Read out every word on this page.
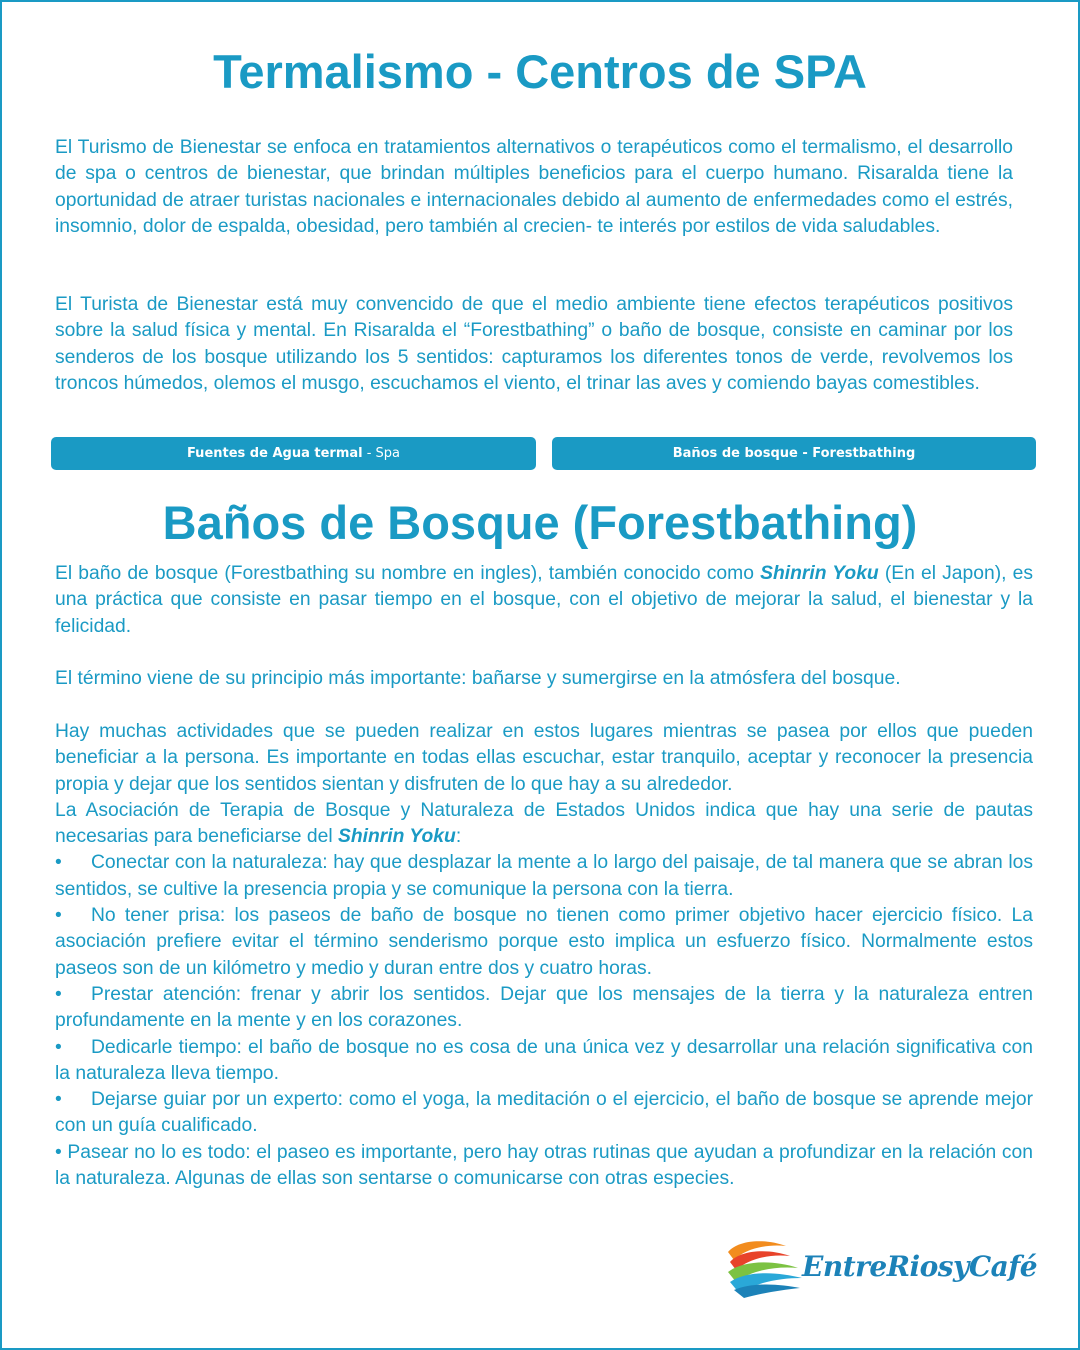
Termalismo - Centros de SPA

El Turismo de Bienestar se enfoca en tratamientos alternativos o terapéuticos como el termalismo, el desarrollo de spa o centros de bienestar, que brindan múltiples beneficios para el cuerpo humano. Risaralda tiene la oportunidad de atraer turistas nacionales e internacionales debido al aumento de enfermedades como el estrés, insomnio, dolor de espalda, obesidad, pero también al crecien- te interés por estilos de vida saludables.

El Turista de Bienestar está muy convencido de que el medio ambiente tiene efectos terapéuticos positivos sobre la salud física y mental. En Risaralda el “Forestbathing” o baño de bosque, consiste en caminar por los senderos de los bosque utilizando los 5 sentidos: capturamos los diferentes tonos de verde, revolvemos los troncos húmedos, olemos el musgo, escuchamos el viento, el trinar las aves y comiendo bayas comestibles.

Fuentes de Agua termal - Spa	Baños de bosque - Forestbathing
Baños de Bosque (Forestbathing)

El baño de bosque (Forestbathing su nombre en ingles), también conocido como Shinrin Yoku (En el Japon), es una práctica que consiste en pasar tiempo en el bosque, con el objetivo de mejorar la salud, el bienestar y la felicidad.

El término viene de su principio más importante: bañarse y sumergirse en la atmósfera del bosque.

Hay muchas actividades que se pueden realizar en estos lugares mientras se pasea por ellos que pueden beneficiar a la persona. Es importante en todas ellas escuchar, estar tranquilo, aceptar y reconocer la presencia propia y dejar que los sentidos sientan y disfruten de lo que hay a su alrededor.

La Asociación de Terapia de Bosque y Naturaleza de Estados Unidos indica que hay una serie de pautas necesarias para beneficiarse del Shinrin Yoku:

• Conectar con la naturaleza: hay que desplazar la mente a lo largo del paisaje, de tal manera que se abran los sentidos, se cultive la presencia propia y se comunique la persona con la tierra.

• No tener prisa: los paseos de baño de bosque no tienen como primer objetivo hacer ejercicio físico. La asociación prefiere evitar el término senderismo porque esto implica un esfuerzo físico. Normalmente estos paseos son de un kilómetro y medio y duran entre dos y cuatro horas.

• Prestar atención: frenar y abrir los sentidos. Dejar que los mensajes de la tierra y la naturaleza entren profundamente en la mente y en los corazones.

• Dedicarle tiempo: el baño de bosque no es cosa de una única vez y desarrollar una relación significativa con la naturaleza lleva tiempo.

• Dejarse guiar por un experto: como el yoga, la meditación o el ejercicio, el baño de bosque se aprende mejor con un guía cualificado.

• Pasear no lo es todo: el paseo es importante, pero hay otras rutinas que ayudan a profundizar en la relación con la naturaleza. Algunas de ellas son sentarse o comunicarse con otras especies.

EntreRiosyCafé
